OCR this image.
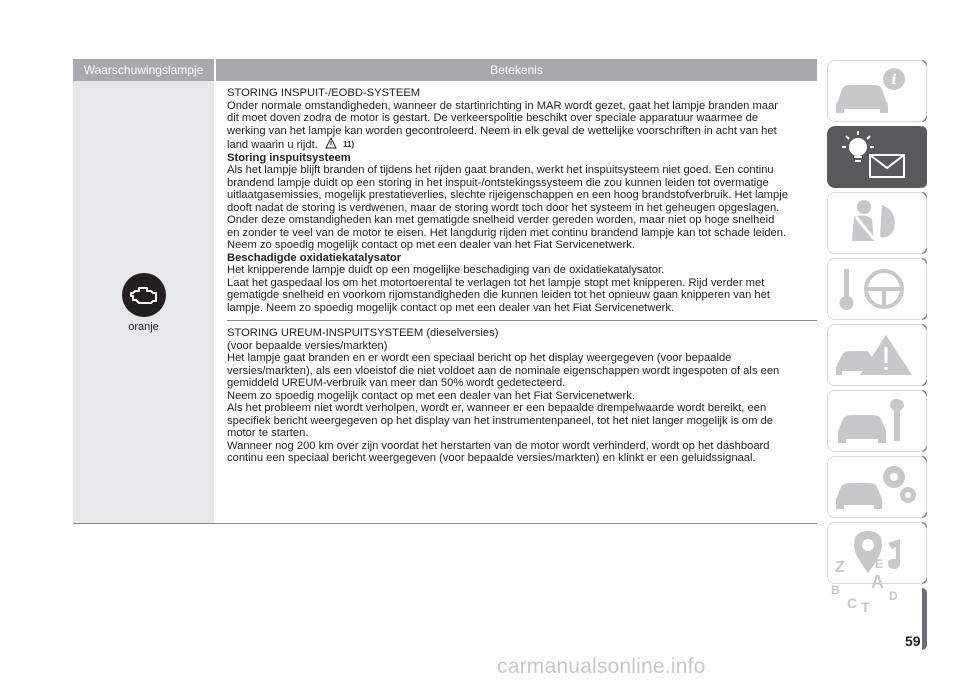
Waarschuwingslampje	Betekenis
oranje
STORING INSPUIT-/EOBD-SYSTEEM
Onder normale omstandigheden, wanneer de startinrichting in MAR wordt gezet, gaat het lampje branden maar
dit moet doven zodra de motor is gestart. De verkeerspolitie beschikt over speciale apparatuur waarmee de
werking van het lampje kan worden gecontroleerd. Neem in elk geval de wettelijke voorschriften in acht van het
land waarin u rijdt.	11)
Storing inspuitsysteem
Als het lampje blijft branden of tijdens het rijden gaat branden, werkt het inspuitsysteem niet goed. Een continu
brandend lampje duidt op een storing in het inspuit-/ontstekingssysteem die zou kunnen leiden tot overmatige
uitlaatgasemissies, mogelijk prestatieverlies, slechte rijeigenschappen en een hoog brandstofverbruik. Het lampje
dooft nadat de storing is verdwenen, maar de storing wordt toch door het systeem in het geheugen opgeslagen.
Onder deze omstandigheden kan met gematigde snelheid verder gereden worden, maar niet op hoge snelheid
en zonder te veel van de motor te eisen. Het langdurig rijden met continu brandend lampje kan tot schade leiden.
Neem zo spoedig mogelijk contact op met een dealer van het Fiat Servicenetwerk.
Beschadigde oxidatiekatalysator
Het knipperende lampje duidt op een mogelijke beschadiging van de oxidatiekatalysator.
Laat het gaspedaal los om het motortoerental te verlagen tot het lampje stopt met knipperen. Rijd verder met
gematigde snelheid en voorkom rijomstandigheden die kunnen leiden tot het opnieuw gaan knipperen van het
lampje. Neem zo spoedig mogelijk contact op met een dealer van het Fiat Servicenetwerk.
STORING UREUM-INSPUITSYSTEEM (dieselversies)
(voor bepaalde versies/markten)
Het lampje gaat branden en er wordt een speciaal bericht op het display weergegeven (voor bepaalde
versies/markten), als een vloeistof die niet voldoet aan de nominale eigenschappen wordt ingespoten of als een
gemiddeld UREUM-verbruik van meer dan 50% wordt gedetecteerd.
Neem zo spoedig mogelijk contact op met een dealer van het Fiat Servicenetwerk.
Als het probleem niet wordt verholpen, wordt er, wanneer er een bepaalde drempelwaarde wordt bereikt, een
specifiek bericht weergegeven op het display van het instrumentenpaneel, tot het niet langer mogelijk is om de
motor te starten.
Wanneer nog 200 km over zijn voordat het herstarten van de motor wordt verhinderd, wordt op het dashboard
continu een speciaal bericht weergegeven (voor bepaalde versies/markten) en klinkt er een geluidssignaal.
i
Z	E
A
B
C T
D
59
carmanualsonline.info
